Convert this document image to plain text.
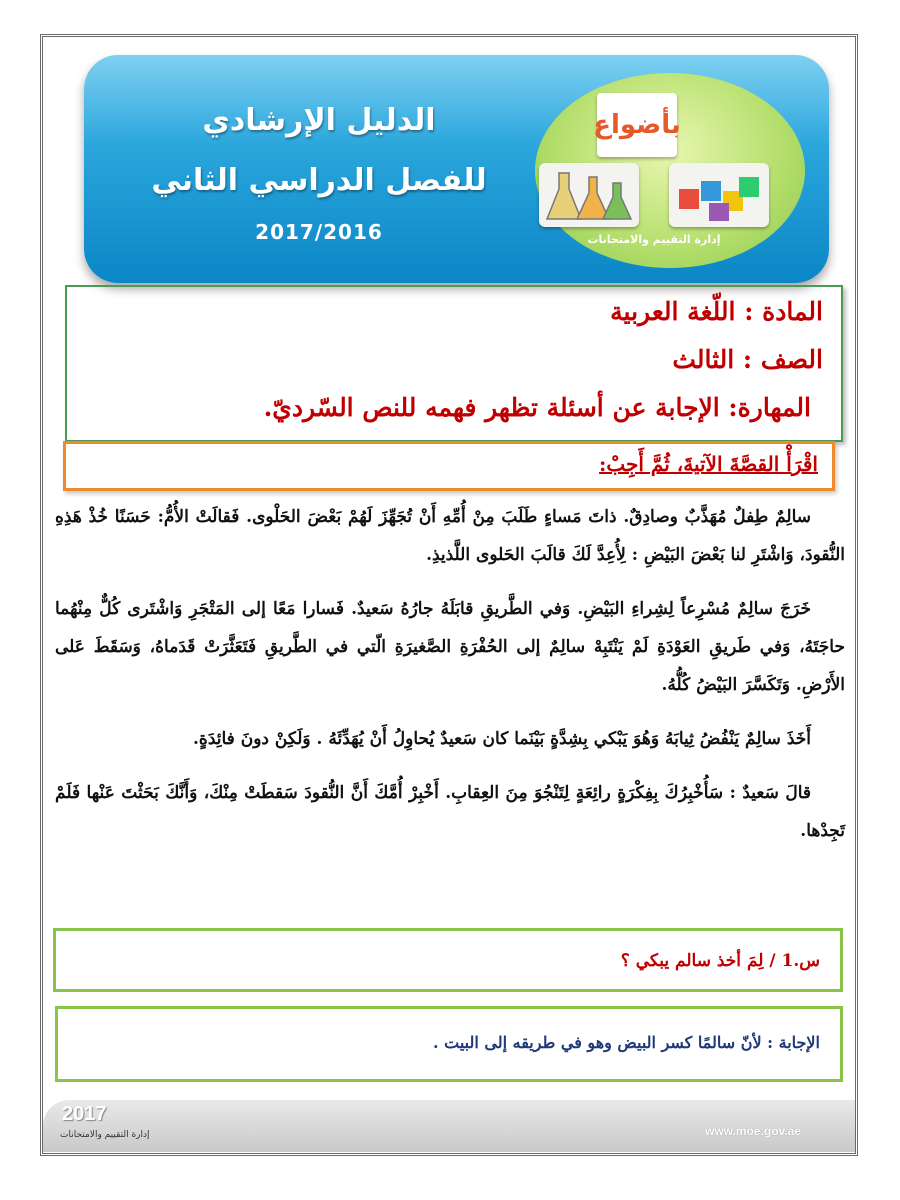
الدليل الإرشادي
للفصل الدراسي الثاني
2017/2016
بأضواع
إدارة التقييم والامتحانات
المادة : اللّغة العربية
الصف : الثالث
المهارة: الإجابة عن أسئلة تظهر فهمه للنص السّرديّ.
اقْرَأْ القصَّةَ الآتيةَ، ثُمَّ أَجِبْ:

سالِمٌ طِفلٌ مُهَذَّبٌ وصادِقٌ. ذاتَ مَساءٍ طَلَبَ مِنْ أُمِّهِ أَنْ تُجَهِّزَ لَهُمْ بَعْضَ الحَلْوى. فَقالَتْ الأُمُّ: حَسَنًا خُذْ هَذِهِ النُّقودَ، وَاشْتَرِ لنا بَعْضَ البَيْضِ : لِأُعِدَّ لَكَ قالَبَ الحَلوى اللَّذيذِ.

خَرَجَ سالِمٌ مُسْرِعاً لِشِراءِ البَيْضِ. وَفي الطَّريقِ قابَلَهُ جارُهُ سَعيدٌ. فَسارا مَعًا إلى المَتْجَرِ وَاشْتَرى كُلٌّ مِنْهُما حاجَتَهُ، وَفي طَريقِ العَوْدَةِ لَمْ يَنْتَبِهْ سالِمٌ إلى الحُفْرَةِ الصَّغيرَةِ الّتي في الطَّريقِ فَتَعَثَّرَتْ قَدَماهُ، وَسَقَطَ عَلى الأَرْضِ. وَتَكَسَّرَ البَيْضُ كُلُّهُ.

أَخَذَ سالِمٌ يَنْفُضُ ثِيابَهُ وَهُوَ يَبْكي بِشِدَّةٍ بَيْنَما كان سَعيدٌ يُحاوِلُ أَنْ يُهَدِّئَهُ . وَلَكِنْ دونَ فائِدَةٍ.

قالَ سَعيدٌ : سَأُخْبِرُكَ بِفِكْرَةٍ رائِعَةٍ لِتَنْجُوَ مِنَ العِقابِ. أَخْبِرْ أُمَّكَ أَنَّ النُّقودَ سَقطَتْ مِنْكَ، وَأَنَّكَ بَحَثْتَ عَنْها فَلَمْ تَجِدْها.

س.1 / لِمَ أخذ سالم يبكي ؟
الإجابة : لأنّ سالمًا كسر البيض وهو في طريقه إلى البيت .
2017
إدارة التقييم والامتحانات	www.moe.gov.ae
